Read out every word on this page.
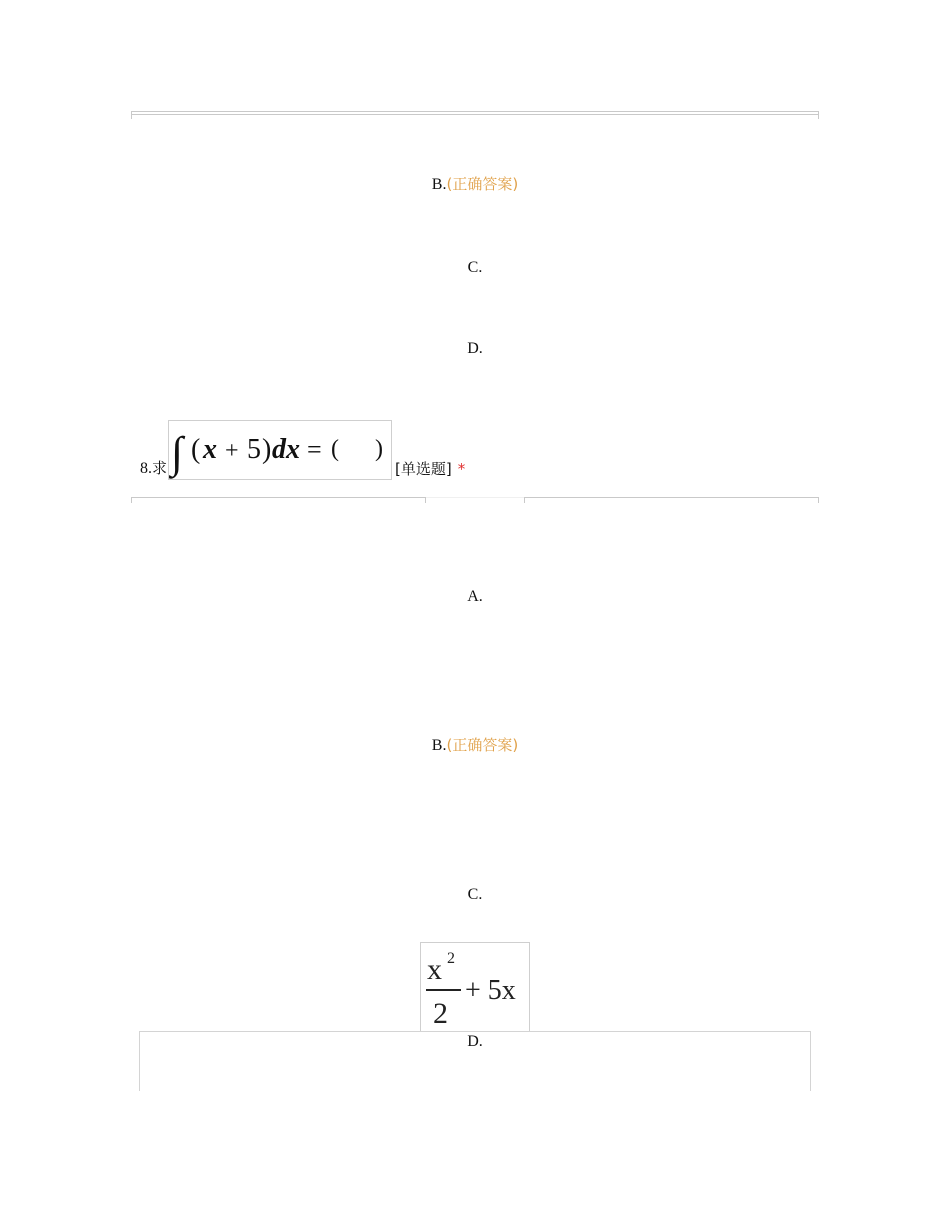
B.(正确答案)
C.
D.
8.求 ∫ ( x + 5 ) dx = ( )
[单选题] *
A.
B.(正确答案)
C.
x 2
2
+ 5x
D.
